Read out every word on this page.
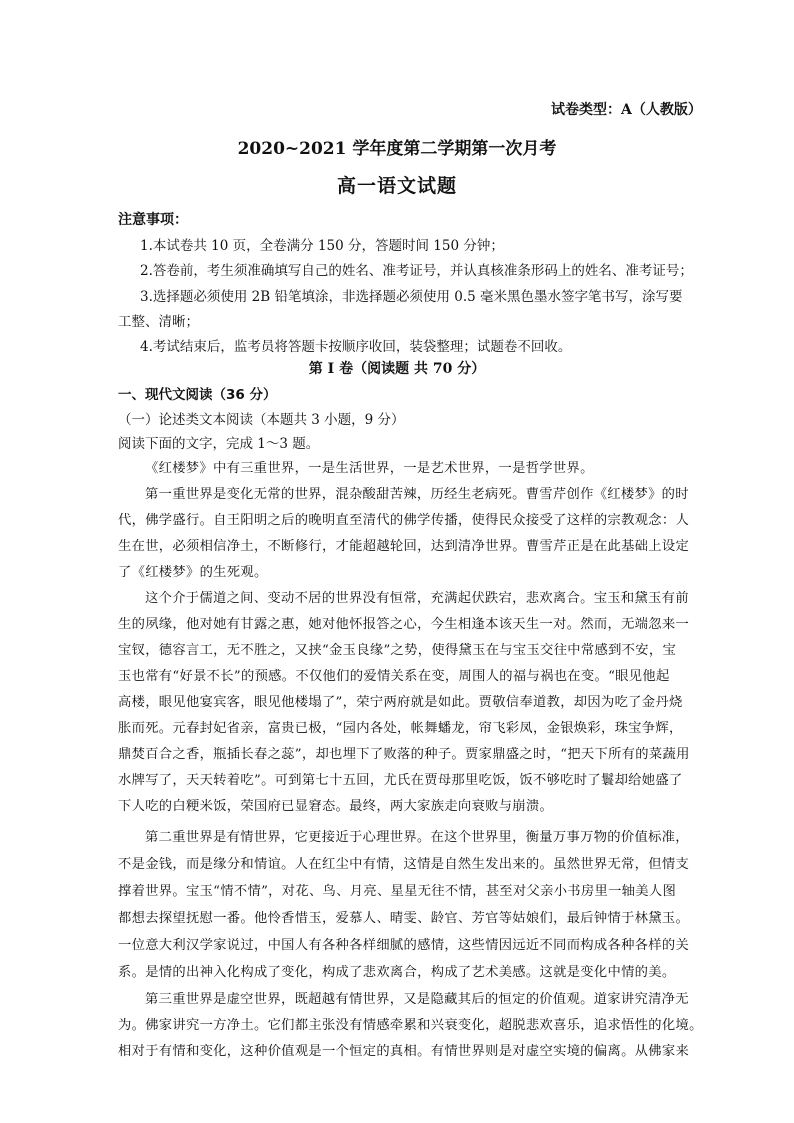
试卷类型：A（人教版）
2020~2021 学年度第二学期第一次月考
高一语文试题
注意事项：
1.本试卷共 10 页，全卷满分 150 分，答题时间 150 分钟；
2.答卷前，考生须准确填写自己的姓名、准考证号，并认真核准条形码上的姓名、准考证号；
3.选择题必须使用 2B 铅笔填涂，非选择题必须使用 0.5 毫米黑色墨水签字笔书写，涂写要
工整、清晰；
4.考试结束后，监考员将答题卡按顺序收回，装袋整理；试题卷不回收。
第 I 卷（阅读题 共 70 分）
一、现代文阅读（36 分）
（一）论述类文本阅读（本题共 3 小题，9 分）
阅读下面的文字，完成 1～3 题。
《红楼梦》中有三重世界，一是生活世界，一是艺术世界，一是哲学世界。
第一重世界是变化无常的世界，混杂酸甜苦辣，历经生老病死。曹雪芹创作《红楼梦》的时
代，佛学盛行。自王阳明之后的晚明直至清代的佛学传播，使得民众接受了这样的宗教观念：人
生在世，必须相信净土，不断修行，才能超越轮回，达到清净世界。曹雪芹正是在此基础上设定
了《红楼梦》的生死观。
这个介于儒道之间、变动不居的世界没有恒常，充满起伏跌宕，悲欢离合。宝玉和黛玉有前
生的夙缘，他对她有甘露之惠，她对他怀报答之心，今生相逢本该天生一对。然而，无端忽来一
宝钗，德容言工，无不胜之，又挟“金玉良缘”之势，使得黛玉在与宝玉交往中常感到不安，宝
玉也常有“好景不长”的预感。不仅他们的爱情关系在变，周围人的福与祸也在变。“眼见他起
高楼，眼见他宴宾客，眼见他楼塌了”，荣宁两府就是如此。贾敬信奉道教，却因为吃了金丹烧
胀而死。元春封妃省亲，富贵已极，“园内各处，帐舞蟠龙，帘飞彩凤，金银焕彩，珠宝争辉，
鼎焚百合之香，瓶插长春之蕊”，却也埋下了败落的种子。贾家鼎盛之时，“把天下所有的菜蔬用
水牌写了，天天转着吃”。可到第七十五回，尤氏在贾母那里吃饭，饭不够吃时了鬟却给她盛了
下人吃的白粳米饭，荣国府已显窘态。最终，两大家族走向衰败与崩溃。
第二重世界是有情世界，它更接近于心理世界。在这个世界里，衡量万事万物的价值标准，
不是金钱，而是缘分和情谊。人在红尘中有情，这情是自然生发出来的。虽然世界无常，但情支
撑着世界。宝玉“情不情”，对花、鸟、月亮、星星无往不情，甚至对父亲小书房里一轴美人图
都想去探望抚慰一番。他怜香惜玉，爱慕人、晴雯、龄官、芳官等姑娘们，最后钟情于林黛玉。
一位意大利汉学家说过，中国人有各种各样细腻的感情，这些情因远近不同而构成各种各样的关
系。是情的出神入化构成了变化，构成了悲欢离合，构成了艺术美感。这就是变化中情的美。
第三重世界是虚空世界，既超越有情世界，又是隐藏其后的恒定的价值观。道家讲究清净无
为。佛家讲究一方净土。它们都主张没有情感牵累和兴衰变化，超脱悲欢喜乐，追求悟性的化境。
相对于有情和变化，这种价值观是一个恒定的真相。有情世界则是对虚空实境的偏离。从佛家来
